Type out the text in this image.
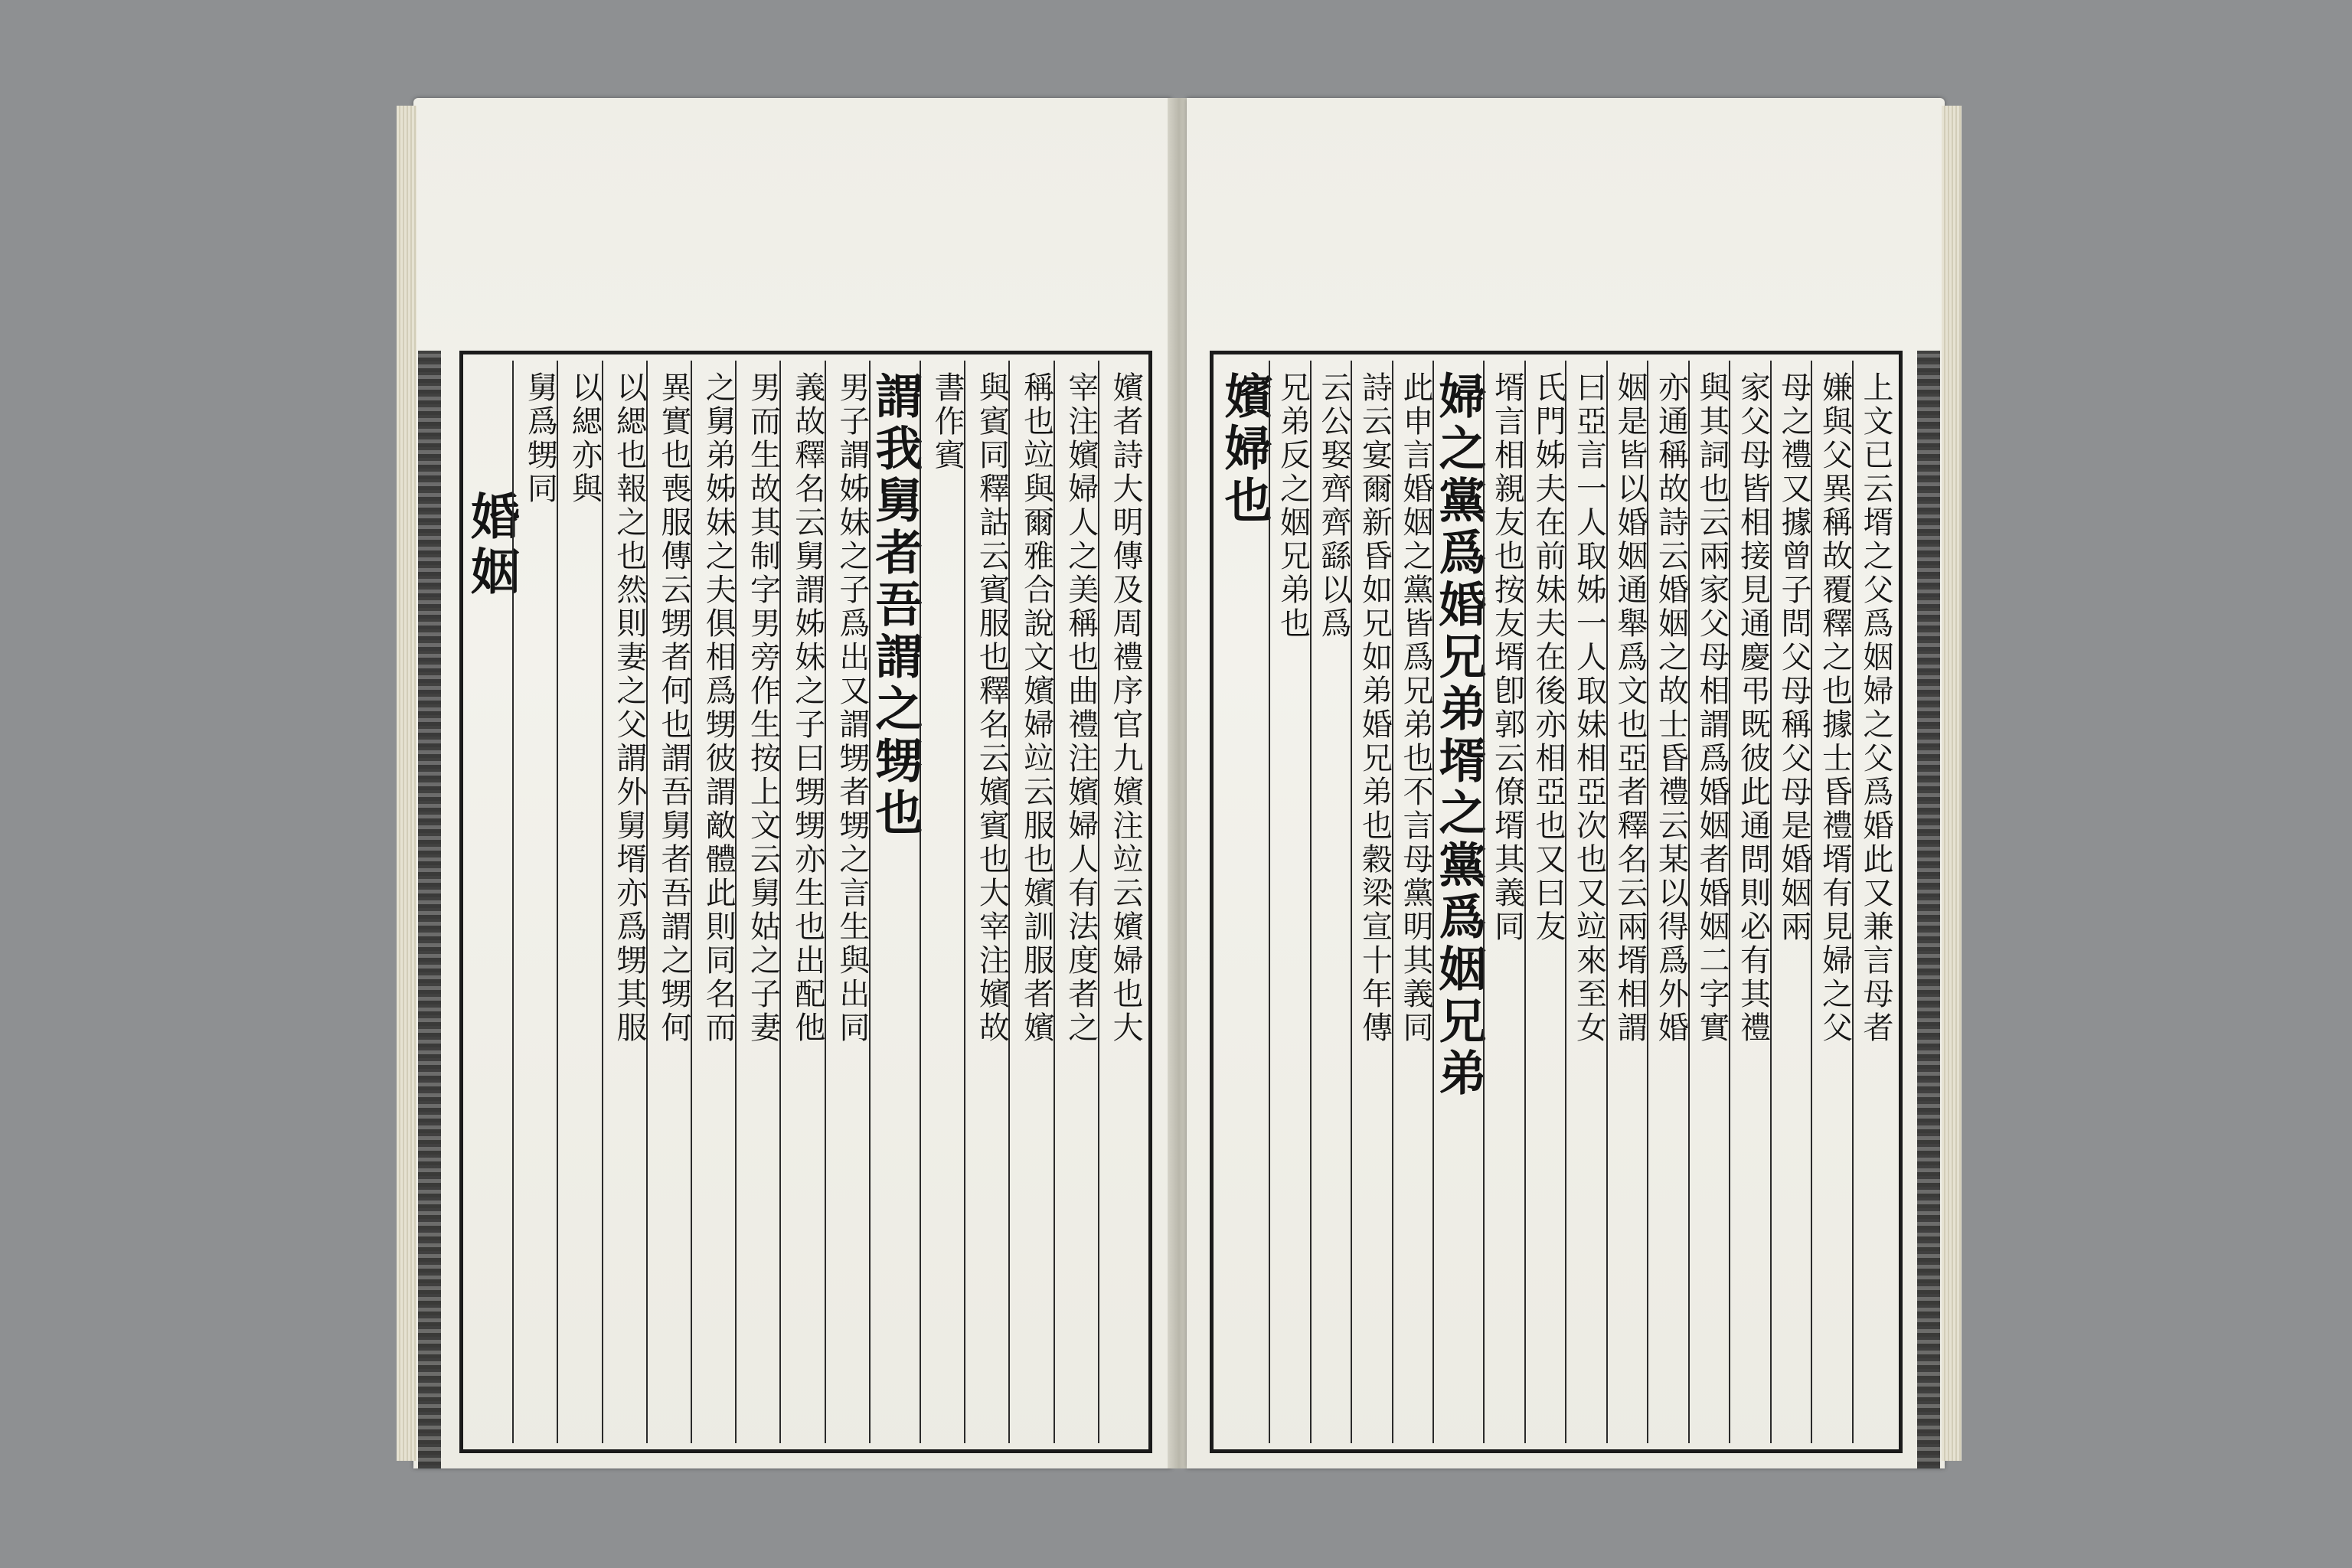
嬪者詩大明傳及周禮序官九嬪注竝云嬪婦也大
宰注嬪婦人之美稱也曲禮注嬪婦人有法度者之
稱也竝與爾雅合說文嬪婦竝云服也嬪訓服者嬪
與賓同釋詁云賓服也釋名云嬪賓也大宰注嬪故
書作賓
謂我舅者吾謂之甥也
男子謂姊妹之子爲出又謂甥者甥之言生與出同
義故釋名云舅謂姊妹之子曰甥甥亦生也出配他
男而生故其制字男旁作生按上文云舅姑之子妻
之舅弟姊妹之夫俱相爲甥彼謂敵體此則同名而
異實也喪服傳云甥者何也謂吾舅者吾謂之甥何
以緦也報之也然則妻之父謂外舅壻亦爲甥其服
以緦亦與
舅爲甥同
婚姻	上文已云壻之父爲姻婦之父爲婚此又兼言母者
嫌與父異稱故覆釋之也據士昏禮壻有見婦之父
母之禮又據曾子問父母稱父母是婚姻兩
家父母皆相接見通慶弔既彼此通問則必有其禮
與其詞也云兩家父母相謂爲婚姻者婚姻二字實
亦通稱故詩云婚姻之故士昏禮云某以得爲外婚
姻是皆以婚姻通舉爲文也亞者釋名云兩壻相謂
曰亞言一人取姊一人取妹相亞次也又竝來至女
氏門姊夫在前妹夫在後亦相亞也又曰友
壻言相親友也按友壻卽郭云僚壻其義同
婦之黨爲婚兄弟壻之黨爲姻兄弟
此申言婚姻之黨皆爲兄弟也不言母黨明其義同
詩云宴爾新昏如兄如弟婚兄弟也穀梁宣十年傳
云公娶齊齊繇以爲
兄弟反之姻兄弟也
嬪婦也
